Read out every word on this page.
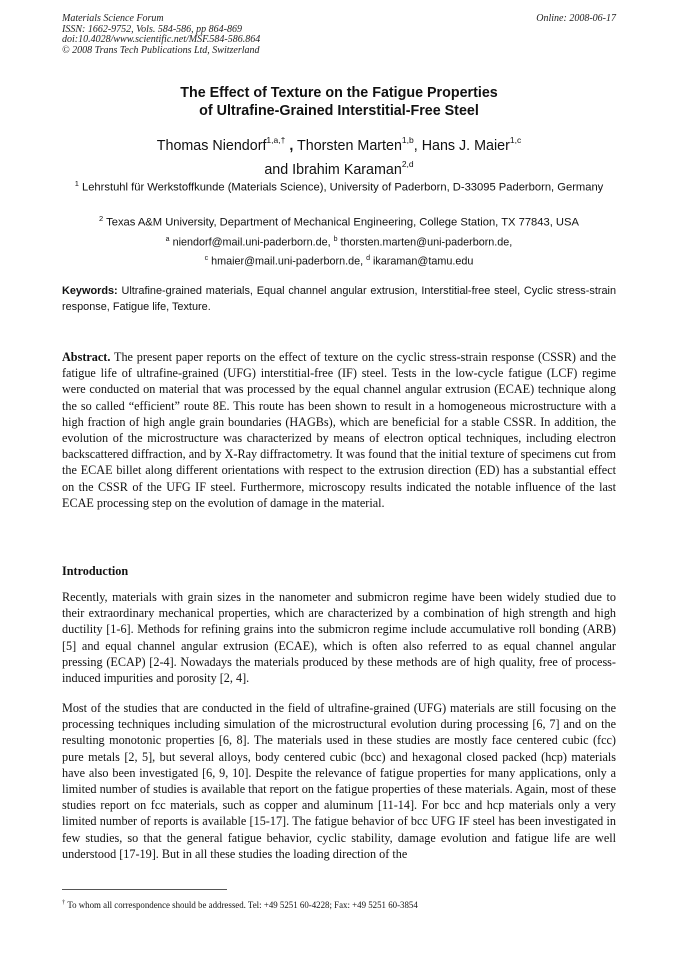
Materials Science Forum
ISSN: 1662-9752, Vols. 584-586, pp 864-869
doi:10.4028/www.scientific.net/MSF.584-586.864
© 2008 Trans Tech Publications Ltd, Switzerland
Online: 2008-06-17
The Effect of Texture on the Fatigue Properties
of Ultrafine-Grained Interstitial-Free Steel
Thomas Niendorf$^{1,a,\dagger}$ , Thorsten Marten$^{1,b}$, Hans J. Maier$^{1,c}$
and Ibrahim Karaman$^{2,d}$
$^1$ Lehrstuhl für Werkstoffkunde (Materials Science), University of Paderborn, D-33095 Paderborn, Germany
$^2$ Texas A&M University, Department of Mechanical Engineering, College Station, TX 77843, USA
$^a$ niendorf@mail.uni-paderborn.de, $^b$ thorsten.marten@uni-paderborn.de,
$^c$ hmaier@mail.uni-paderborn.de, $^d$ ikaraman@tamu.edu
Keywords: Ultrafine-grained materials, Equal channel angular extrusion, Interstitial-free steel, Cyclic stress-strain response, Fatigue life, Texture.
Abstract. The present paper reports on the effect of texture on the cyclic stress-strain response (CSSR) and the fatigue life of ultrafine-grained (UFG) interstitial-free (IF) steel. Tests in the low-cycle fatigue (LCF) regime were conducted on material that was processed by the equal channel angular extrusion (ECAE) technique along the so called “efficient” route 8E. This route has been shown to result in a homogeneous microstructure with a high fraction of high angle grain boundaries (HAGBs), which are beneficial for a stable CSSR. In addition, the evolution of the microstructure was characterized by means of electron optical techniques, including electron backscattered diffraction, and by X-Ray diffractometry. It was found that the initial texture of specimens cut from the ECAE billet along different orientations with respect to the extrusion direction (ED) has a substantial effect on the CSSR of the UFG IF steel. Furthermore, microscopy results indicated the notable influence of the last ECAE processing step on the evolution of damage in the material.
Introduction
Recently, materials with grain sizes in the nanometer and submicron regime have been widely studied due to their extraordinary mechanical properties, which are characterized by a combination of high strength and high ductility [1-6]. Methods for refining grains into the submicron regime include accumulative roll bonding (ARB) [5] and equal channel angular extrusion (ECAE), which is often also referred to as equal channel angular pressing (ECAP) [2-4]. Nowadays the materials produced by these methods are of high quality, free of process-induced impurities and porosity [2, 4].
Most of the studies that are conducted in the field of ultrafine-grained (UFG) materials are still focusing on the processing techniques including simulation of the microstructural evolution during processing [6, 7] and on the resulting monotonic properties [6, 8]. The materials used in these studies are mostly face centered cubic (fcc) pure metals [2, 5], but several alloys, body centered cubic (bcc) and hexagonal closed packed (hcp) materials have also been investigated [6, 9, 10]. Despite the relevance of fatigue properties for many applications, only a limited number of studies is available that report on the fatigue properties of these materials. Again, most of these studies report on fcc materials, such as copper and aluminum [11-14]. For bcc and hcp materials only a very limited number of reports is available [15-17]. The fatigue behavior of bcc UFG IF steel has been investigated in few studies, so that the general fatigue behavior, cyclic stability, damage evolution and fatigue life are well understood [17-19]. But in all these studies the loading direction of the
† To whom all correspondence should be addressed. Tel: +49 5251 60-4228; Fax: +49 5251 60-3854
